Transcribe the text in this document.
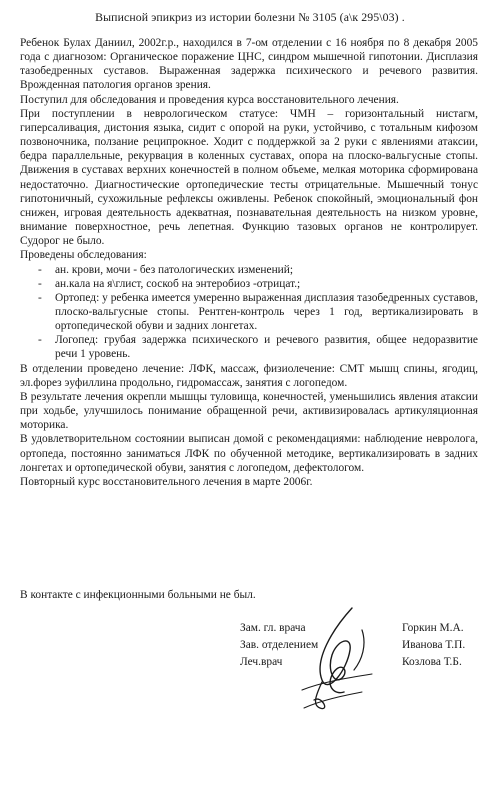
Выписной эпикриз из истории болезни № 3105 (а\к 295\03) .

Ребенок Булах Даниил, 2002г.р., находился в 7-ом отделении с 16 ноября по 8 декабря 2005 года с диагнозом: Органическое поражение ЦНС, синдром мышечной гипотонии. Дисплазия тазобедренных суставов. Выраженная задержка психического и речевого развития. Врожденная патология органов зрения.

Поступил для обследования и проведения курса восстановительного лечения.

При поступлении в неврологическом статусе: ЧМН – горизонтальный нистагм, гиперсаливация, дистония языка, сидит с опорой на руки, устойчиво, с тотальным кифозом позвоночника, ползание реципрокное. Ходит с поддержкой за 2 руки с явлениями атаксии, бедра параллельные, рекурвация в коленных суставах, опора на плоско-вальгусные стопы. Движения в суставах верхних конечностей в полном объеме, мелкая моторика сформирована недостаточно. Диагностические ортопедические тесты отрицательные. Мышечный тонус гипотоничный, сухожильные рефлексы оживлены. Ребенок спокойный, эмоциональный фон снижен, игровая деятельность адекватная, познавательная деятельность на низком уровне, внимание поверхностное, речь лепетная. Функцию тазовых органов не контролирует. Судорог не было.

Проведены обследования:

- ан. крови, мочи - без патологических изменений;
- ан.кала на я\глист, соскоб на энтеробиоз -отрицат.;
- Ортопед: у ребенка имеется умеренно выраженная дисплазия тазобедренных суставов, плоско-вальгусные стопы. Рентген-контроль через 1 год, вертикализировать в ортопедической обуви и задних лонгетах.
- Логопед: грубая задержка психического и речевого развития, общее недоразвитие речи 1 уровень.

В отделении проведено лечение: ЛФК, массаж, физиолечение: СМТ мышц спины, ягодиц, эл.форез эуфиллина продольно, гидромассаж, занятия с логопедом.

В результате лечения окрепли мышцы туловища, конечностей, уменьшились явления атаксии при ходьбе, улучшилось понимание обращенной речи, активизировалась артикуляционная моторика.

В удовлетворительном состоянии выписан домой с рекомендациями: наблюдение невролога, ортопеда, постоянно заниматься ЛФК по обученной методике, вертикализировать в задних лонгетах и ортопедической обуви, занятия с логопедом, дефектологом.

Повторный курс восстановительного лечения в марте 2006г.

В контакте с инфекционными больными не был.
Зам. гл. врача	Горкин М.А.
Зав. отделением	Иванова Т.П.
Леч.врач	Козлова Т.Б.
